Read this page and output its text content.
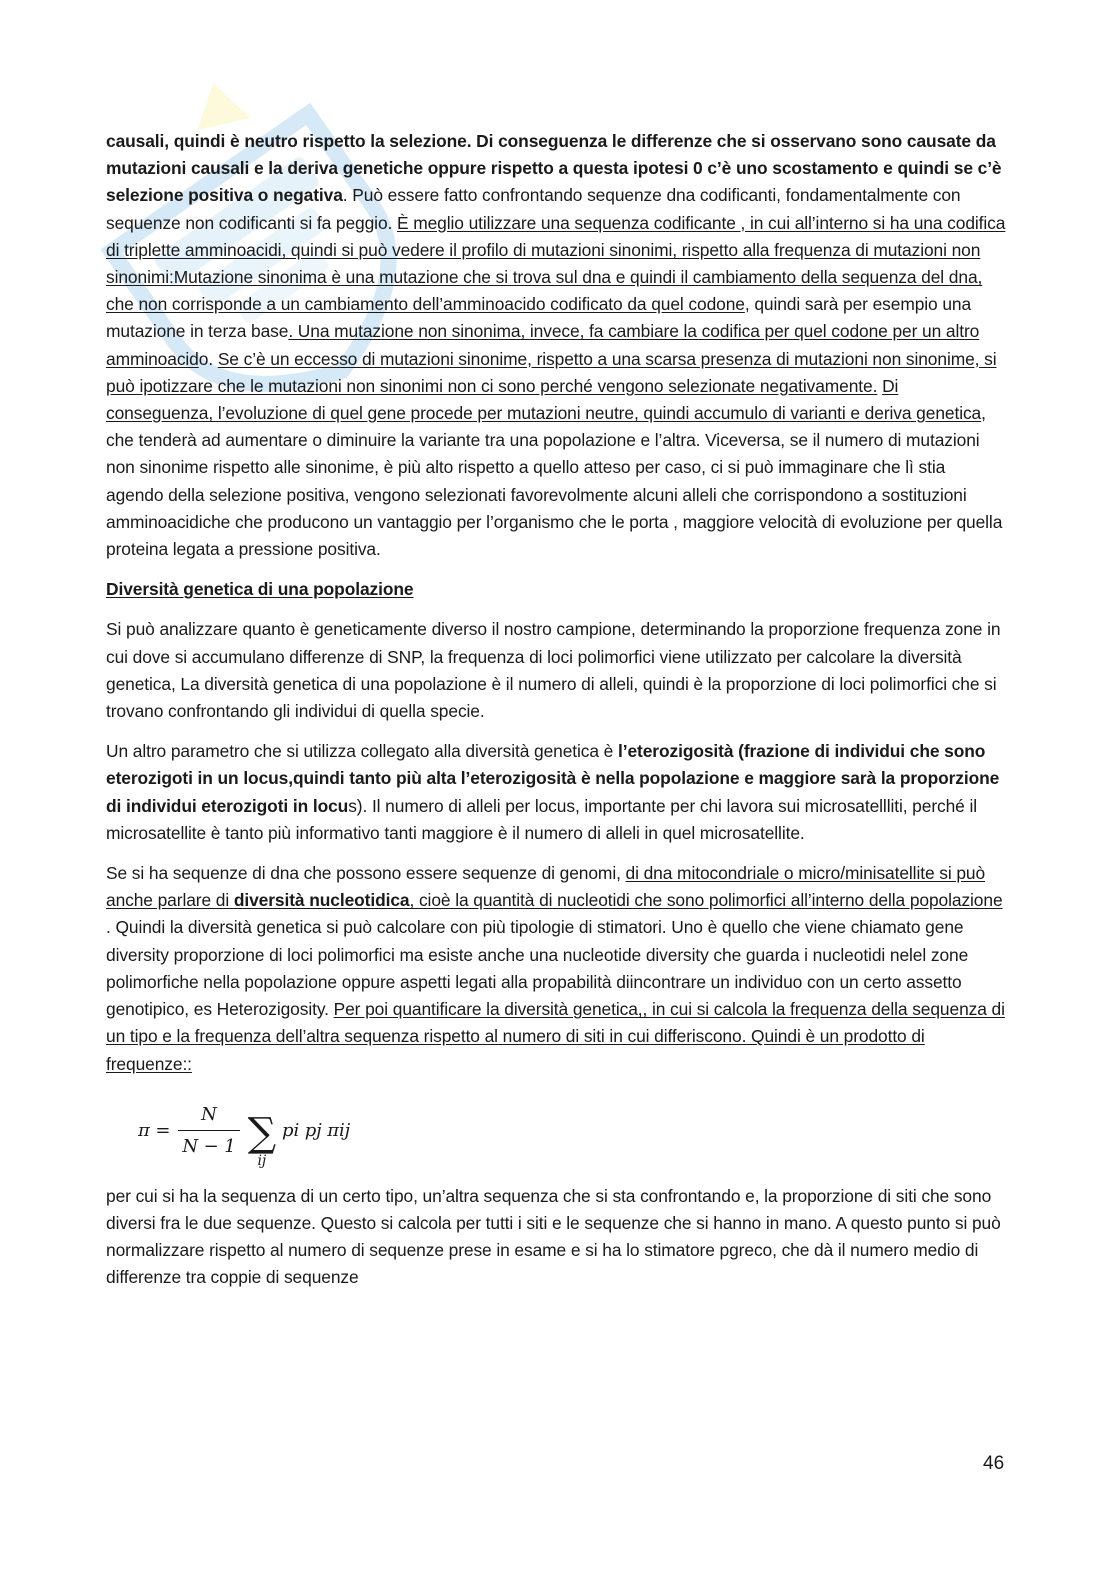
causali, quindi è neutro rispetto la selezione. Di conseguenza le differenze che si osservano sono causate da mutazioni causali e la deriva genetiche oppure rispetto a questa ipotesi 0 c’è uno scostamento e quindi se c’è selezione positiva o negativa. Può essere fatto confrontando sequenze dna codificanti, fondamentalmente con sequenze non codificanti si fa peggio. È meglio utilizzare una sequenza codificante , in cui all’interno si ha una codifica di triplette amminoacidi, quindi si può vedere il profilo di mutazioni sinonimi, rispetto alla frequenza di mutazioni non sinonimi:Mutazione sinonima è una mutazione che si trova sul dna e quindi il cambiamento della sequenza del dna, che non corrisponde a un cambiamento dell’amminoacido codificato da quel codone, quindi sarà per esempio una mutazione in terza base. Una mutazione non sinonima, invece, fa cambiare la codifica per quel codone per un altro amminoacido. Se c’è un eccesso di mutazioni sinonime, rispetto a una scarsa presenza di mutazioni non sinonime, si può ipotizzare che le mutazioni non sinonimi non ci sono perché vengono selezionate negativamente. Di conseguenza, l’evoluzione di quel gene procede per mutazioni neutre, quindi accumulo di varianti e deriva genetica, che tenderà ad aumentare o diminuire la variante tra una popolazione e l’altra. Viceversa, se il numero di mutazioni non sinonime rispetto alle sinonime, è più alto rispetto a quello atteso per caso, ci si può immaginare che lì stia agendo della selezione positiva, vengono selezionati favorevolmente alcuni alleli che corrispondono a sostituzioni amminoacidiche che producono un vantaggio per l’organismo che le porta , maggiore velocità di evoluzione per quella proteina legata a pressione positiva.

Diversità genetica di una popolazione

Si può analizzare quanto è geneticamente diverso il nostro campione, determinando la proporzione frequenza zone in cui dove si accumulano differenze di SNP, la frequenza di loci polimorfici viene utilizzato per calcolare la diversità genetica, La diversità genetica di una popolazione è il numero di alleli, quindi è la proporzione di loci polimorfici che si trovano confrontando gli individui di quella specie.

Un altro parametro che si utilizza collegato alla diversità genetica è l’eterozigosità (frazione di individui che sono eterozigoti in un locus,quindi tanto più alta l’eterozigosità è nella popolazione e maggiore sarà la proporzione di individui eterozigoti in locus). Il numero di alleli per locus, importante per chi lavora sui microsatellliti, perché il microsatellite è tanto più informativo tanti maggiore è il numero di alleli in quel microsatellite.

Se si ha sequenze di dna che possono essere sequenze di genomi, di dna mitocondriale o micro/minisatellite si può anche parlare di diversità nucleotidica, cioè la quantità di nucleotidi che sono polimorfici all’interno della popolazione . Quindi la diversità genetica si può calcolare con più tipologie di stimatori. Uno è quello che viene chiamato gene diversity proporzione di loci polimorfici ma esiste anche una nucleotide diversity che guarda i nucleotidi nelel zone polimorfiche nella popolazione oppure aspetti legati alla propabilità diincontrare un individuo con un certo assetto genotipico, es Heterozigosity. Per poi quantificare la diversità genetica,, in cui si calcola la frequenza della sequenza di un tipo e la frequenza dell’altra sequenza rispetto al numero di siti in cui differiscono. Quindi è un prodotto di frequenze::

$\pi = \frac{N}{N - 1}$ ∑
ij
pi pj πij

per cui si ha la sequenza di un certo tipo, un’altra sequenza che si sta confrontando e, la proporzione di siti che sono diversi fra le due sequenze. Questo si calcola per tutti i siti e le sequenze che si hanno in mano. A questo punto si può normalizzare rispetto al numero di sequenze prese in esame e si ha lo stimatore pgreco, che dà il numero medio di differenze tra coppie di sequenze

46
